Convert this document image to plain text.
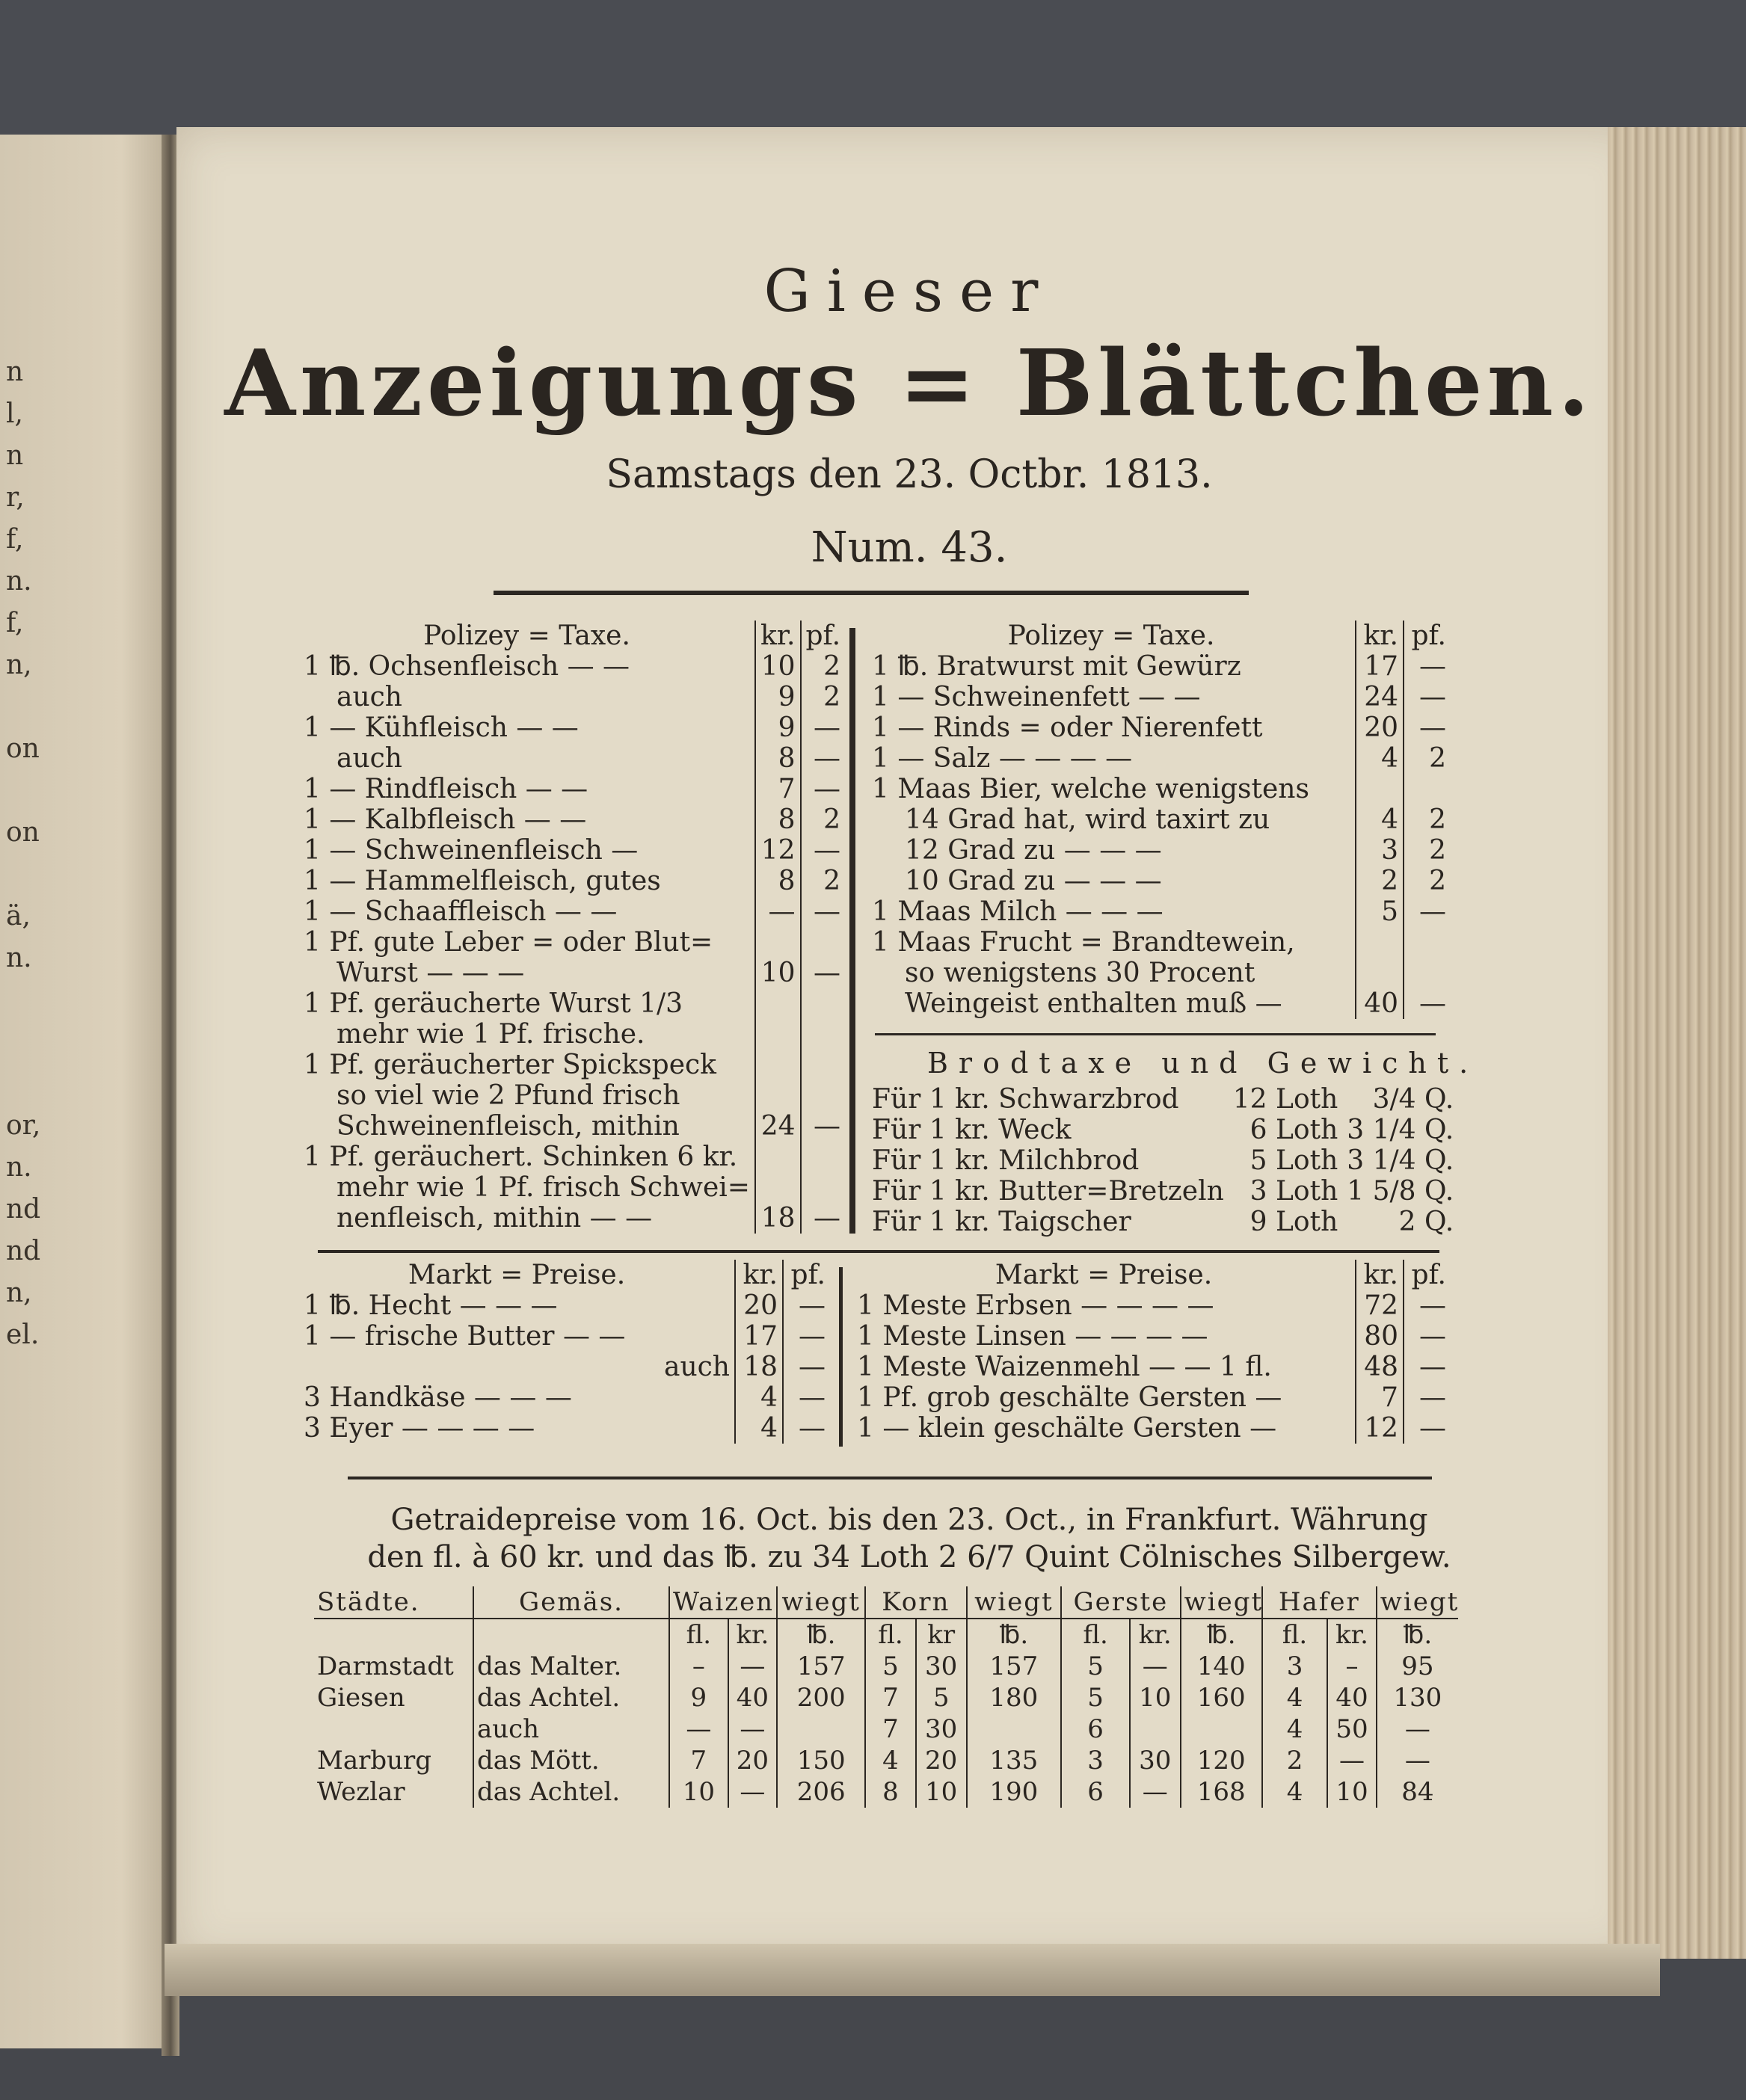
n
l,
n
r,
f,
n.
f,
n,
on
on
ä,
n.
or,
n.
nd
nd
n,
el.
Gieser
Anzeigungs = Blättchen.
Samstags den 23. Octbr. 1813.
Num. 43.
Polizey = Taxe.	kr.	pf.
1 ℔. Ochsenfleisch — —	10	2
auch	9	2
1 — Kühfleisch — —	9	—
auch	8	—
1 — Rindfleisch — —	7	—
1 — Kalbfleisch — —	8	2
1 — Schweinenfleisch —	12	—
1 — Hammelfleisch, gutes	8	2
1 — Schaaffleisch — —	—	—
1 Pf. gute Leber = oder Blut=		
Wurst — — —	10	—
1 Pf. geräucherte Wurst 1/3		
mehr wie 1 Pf. frische.		
1 Pf. geräucherter Spickspeck		
so viel wie 2 Pfund frisch		
Schweinenfleisch, mithin	24	—
1 Pf. geräuchert. Schinken 6 kr.		
mehr wie 1 Pf. frisch Schwei=		
nenfleisch, mithin — —	18	—
Polizey = Taxe.	kr.	pf.
1 ℔. Bratwurst mit Gewürz	17	—
1 — Schweinenfett — —	24	—
1 — Rinds = oder Nierenfett	20	—
1 — Salz — — — —	4	2
1 Maas Bier, welche wenigstens		
14 Grad hat, wird taxirt zu	4	2
12 Grad zu — — —	3	2
10 Grad zu — — —	2	2
1 Maas Milch — — —	5	—
1 Maas Frucht = Brandtewein,		
so wenigstens 30 Procent		
Weingeist enthalten muß —	40	—
Brodtaxe und Gewicht.
Für 1 kr. Schwarzbrod	12 Loth	3/4 Q.
Für 1 kr. Weck	6 Loth	3 1/4 Q.
Für 1 kr. Milchbrod	5 Loth	3 1/4 Q.
Für 1 kr. Butter=Bretzeln	3 Loth	1 5/8 Q.
Für 1 kr. Taigscher	9 Loth	2 Q.
Markt = Preise.	kr.	pf.
1 ℔. Hecht — — —	20	—
1 — frische Butter — —	17	—
auch	18	—
3 Handkäse — — —	4	—
3 Eyer — — — —	4	—
Markt = Preise.	kr.	pf.
1 Meste Erbsen — — — —	72	—
1 Meste Linsen — — — —	80	—
1 Meste Waizenmehl — — 1 fl.	48	—
1 Pf. grob geschälte Gersten —	7	—
1 — klein geschälte Gersten —	12	—
Getraidepreise vom 16. Oct. bis den 23. Oct., in Frankfurt. Währung
den fl. à 60 kr. und das ℔. zu 34 Loth 2 6/7 Quint Cölnisches Silbergew.
Städte.	Gemäs.	Waizen		wiegt	Korn		wiegt	Gerste		wiegt	Hafer		wiegt
		fl.	kr.	℔.	fl.	kr	℔.	fl.	kr.	℔.	fl.	kr.	℔.
Darmstadt	das Malter.	–	—	157	5	30	157	5	—	140	3	–	95
Giesen	das Achtel.	9	40	200	7	5	180	5	10	160	4	40	130
	auch	—	—		7	30		6			4	50	—
Marburg	das Mött.	7	20	150	4	20	135	3	30	120	2	—	—
Wezlar	das Achtel.	10	—	206	8	10	190	6	—	168	4	10	84
